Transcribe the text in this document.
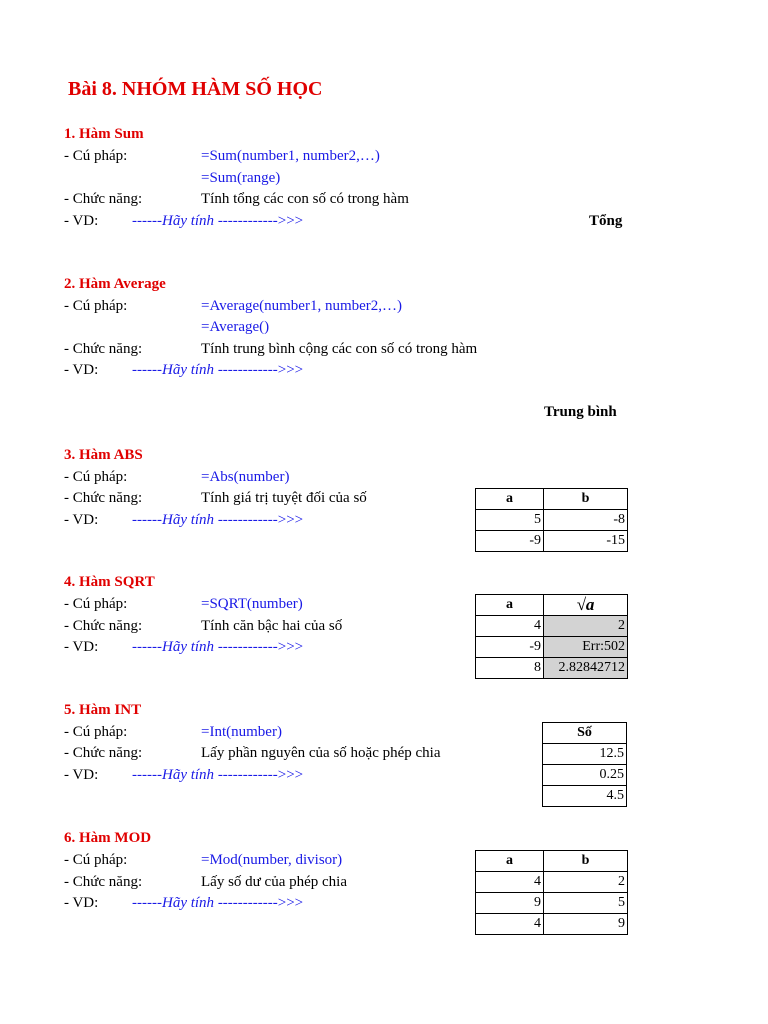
Bài 8. NHÓM HÀM SỐ HỌC
1. Hàm Sum
- Cú pháp:	=Sum(number1, number2,…)
=Sum(range)
- Chức năng:	Tính tổng các con số có trong hàm
- VD: ------Hãy tính ------------>>>	Tổng
2. Hàm Average
- Cú pháp:	=Average(number1, number2,…)
=Average()
- Chức năng:	Tính trung bình cộng các con số có trong hàm
- VD: ------Hãy tính ------------>>>
Trung bình
3. Hàm ABS
- Cú pháp:	=Abs(number)
- Chức năng:	Tính giá trị tuyệt đối của số
- VD: ------Hãy tính ------------>>>
a	b
5	-8
-9	-15
4. Hàm SQRT
- Cú pháp:	=SQRT(number)
- Chức năng:	Tính căn bậc hai của số
- VD: ------Hãy tính ------------>>>
a	√a
4	2
-9	Err:502
8	2.82842712
5. Hàm INT
- Cú pháp:	=Int(number)
- Chức năng:	Lấy phần nguyên của số hoặc phép chia
- VD: ------Hãy tính ------------>>>
Số
12.5
0.25
4.5
6. Hàm MOD
- Cú pháp:	=Mod(number, divisor)
- Chức năng:	Lấy số dư của phép chia
- VD: ------Hãy tính ------------>>>
a	b
4	2
9	5
4	9
